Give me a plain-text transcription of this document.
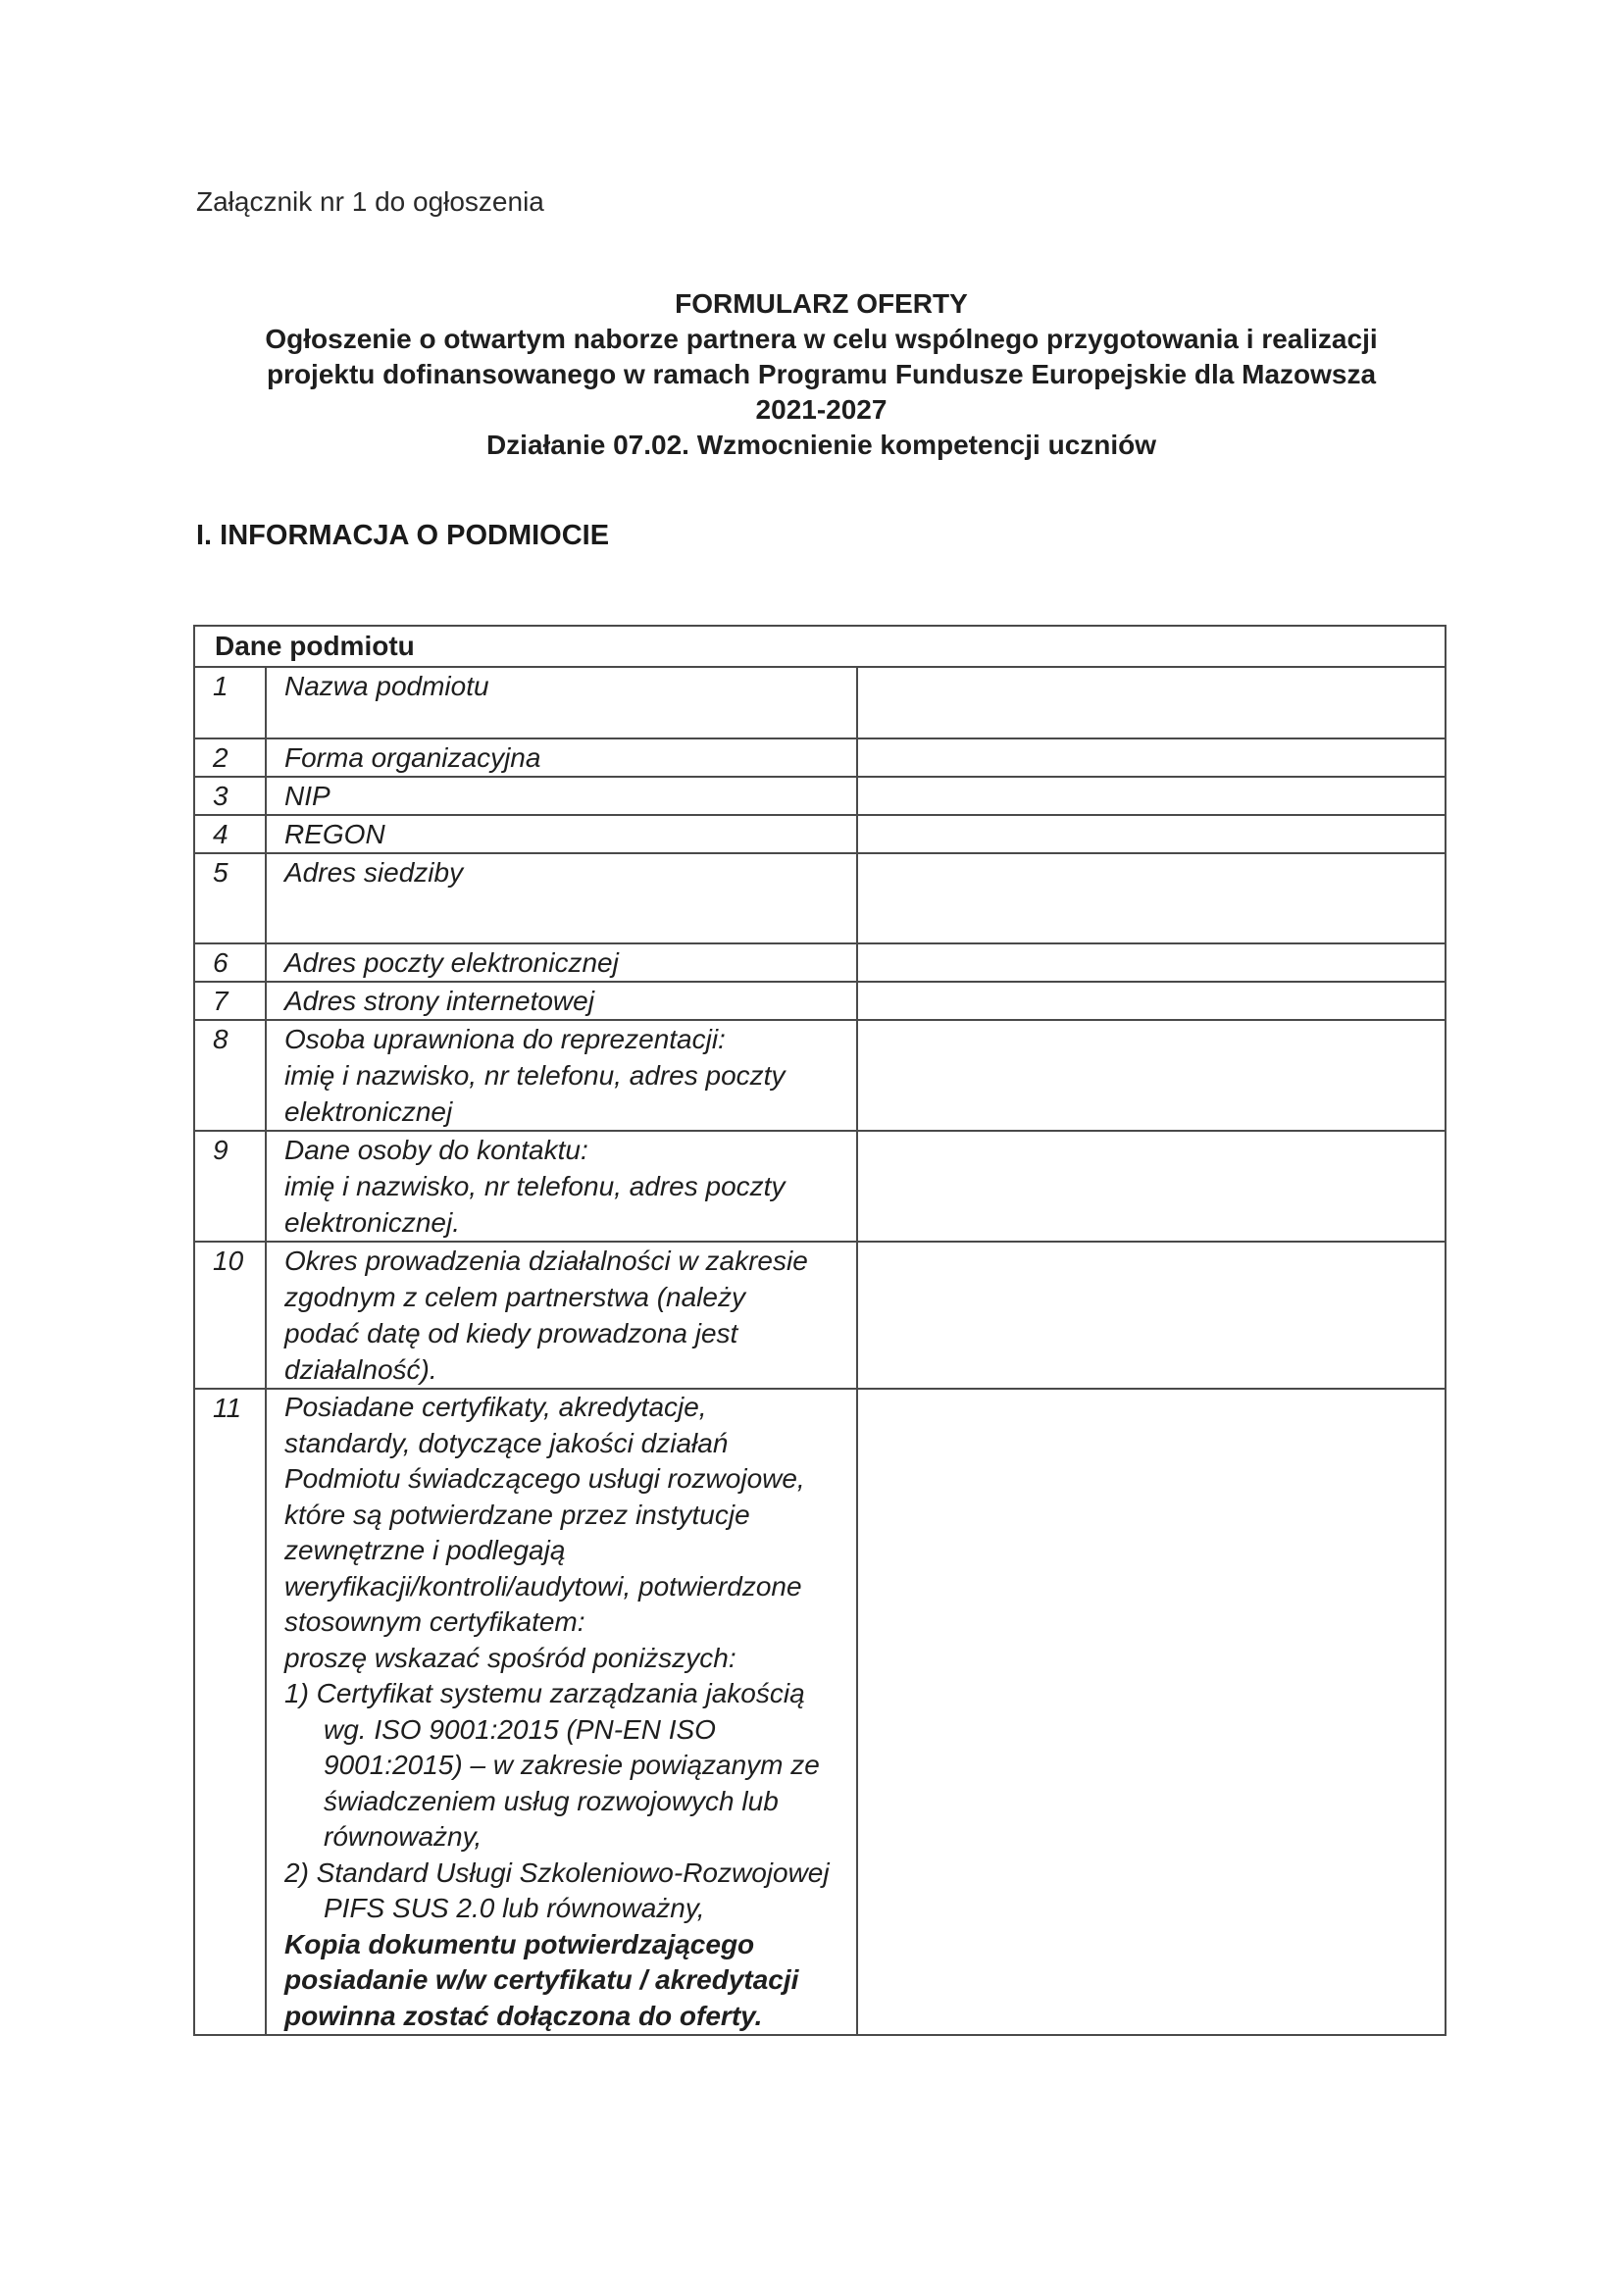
Załącznik nr 1 do ogłoszenia
FORMULARZ OFERTY
Ogłoszenie o otwartym naborze partnera w celu wspólnego przygotowania i realizacji
projektu dofinansowanego w ramach Programu Fundusze Europejskie dla Mazowsza
2021-2027
Działanie 07.02. Wzmocnienie kompetencji uczniów
I. INFORMACJA O PODMIOCIE
Dane podmiotu		
1	Nazwa podmiotu	
2	Forma organizacyjna	
3	NIP	
4	REGON	
5	Adres siedziby	
6	Adres poczty elektronicznej	
7	Adres strony internetowej	
8	Osoba uprawniona do reprezentacji:
imię i nazwisko, nr telefonu, adres poczty elektronicznej	

9	Dane osoby do kontaktu:
imię i nazwisko, nr telefonu, adres poczty elektronicznej.	

10	Okres prowadzenia działalności w zakresie zgodnym z celem partnerstwa (należy podać datę od kiedy prowadzona jest działalność).	
11	Posiadane certyfikaty, akredytacje, standardy, dotyczące jakości działań Podmiotu świadczącego usługi rozwojowe, które są potwierdzane przez instytucje zewnętrzne i podlegają weryfikacji/kontroli/audytowi, potwierdzone stosownym certyfikatem:
proszę wskazać spośród poniższych:
1) Certyfikat systemu zarządzania jakością wg. ISO 9001:2015 (PN-EN ISO 9001:2015) – w zakresie powiązanym ze świadczeniem usług rozwojowych lub równoważny,
2) Standard Usługi Szkoleniowo-Rozwojowej PIFS SUS 2.0 lub równoważny,
Kopia dokumentu potwierdzającego posiadanie w/w certyfikatu / akredytacji powinna zostać dołączona do oferty.	
